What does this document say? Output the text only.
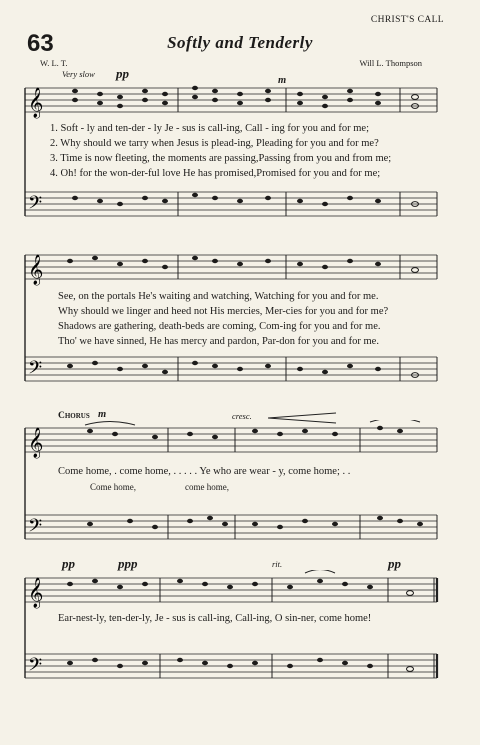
CHRIST'S CALL
63	Softly and Tenderly
W. L. T.	Will L. Thompson
Very slow pp	m
𝄞
𝄢
1. Soft - ly and ten-der - ly Je - sus is call-ing, Call - ing for you and for me;
2. Why should we tarry when Jesus is plead-ing, Pleading for you and for me?
3. Time is now fleeting, the moments are passing,Passing from you and from me;
4. Oh! for the won-der-ful love He has promised,Promised for you and for me;
𝄞
𝄢
See, on the portals He's waiting and watching, Watching for you and for me.
Why should we linger and heed not His mercies, Mer-cies for you and for me?
Shadows are gathering, death-beds are coming, Com-ing for you and for me.
Tho' we have sinned, He has mercy and pardon, Par-don for you and for me.
Chorus m	cresc.
𝄞
𝄢
Come home, . come home, . . . . . Ye who are wear - y, come home; . .
Come home,	come home,
pp	ppp	rit.	pp
𝄞
𝄢
Ear-nest-ly, ten-der-ly, Je - sus is call-ing, Call-ing, O sin-ner, come home!
